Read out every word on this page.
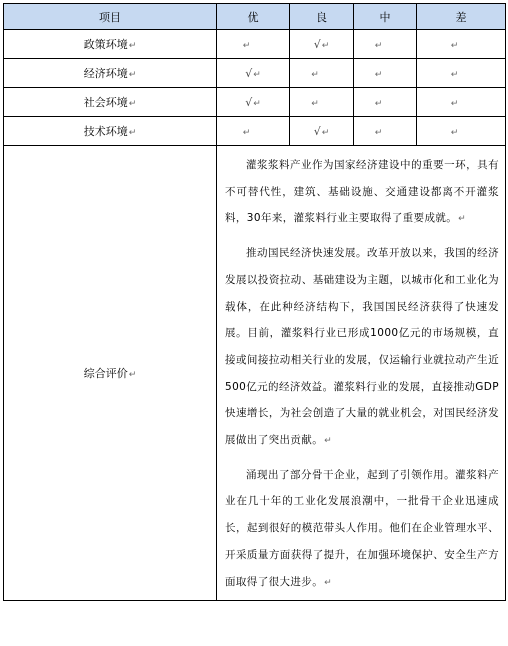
项目	优	良	中	差
政策环境↵	↵	√↵	↵	↵
经济环境↵	√↵	↵	↵	↵
社会环境↵	√↵	↵	↵	↵
技术环境↵	↵	√↵	↵	↵
综合评价↵	灌浆浆料产业作为国家经济建设中的重要一环，具有不可替代性，建筑、基础设施、交通建设都离不开灌浆料，30年来，灌浆料行业主要取得了重要成就。↵

推动国民经济快速发展。改革开放以来，我国的经济发展以投资拉动、基础建设为主题，以城市化和工业化为载体，在此种经济结构下，我国国民经济获得了快速发展。目前，灌浆料行业已形成1000亿元的市场规模，直接或间接拉动相关行业的发展，仅运输行业就拉动产生近500亿元的经济效益。灌浆料行业的发展，直接推动GDP快速增长，为社会创造了大量的就业机会，对国民经济发展做出了突出贡献。↵

涌现出了部分骨干企业，起到了引领作用。灌浆料产业在几十年的工业化发展浪潮中，一批骨干企业迅速成长，起到很好的模范带头人作用。他们在企业管理水平、开采质量方面获得了提升，在加强环境保护、安全生产方面取得了很大进步。↵			
